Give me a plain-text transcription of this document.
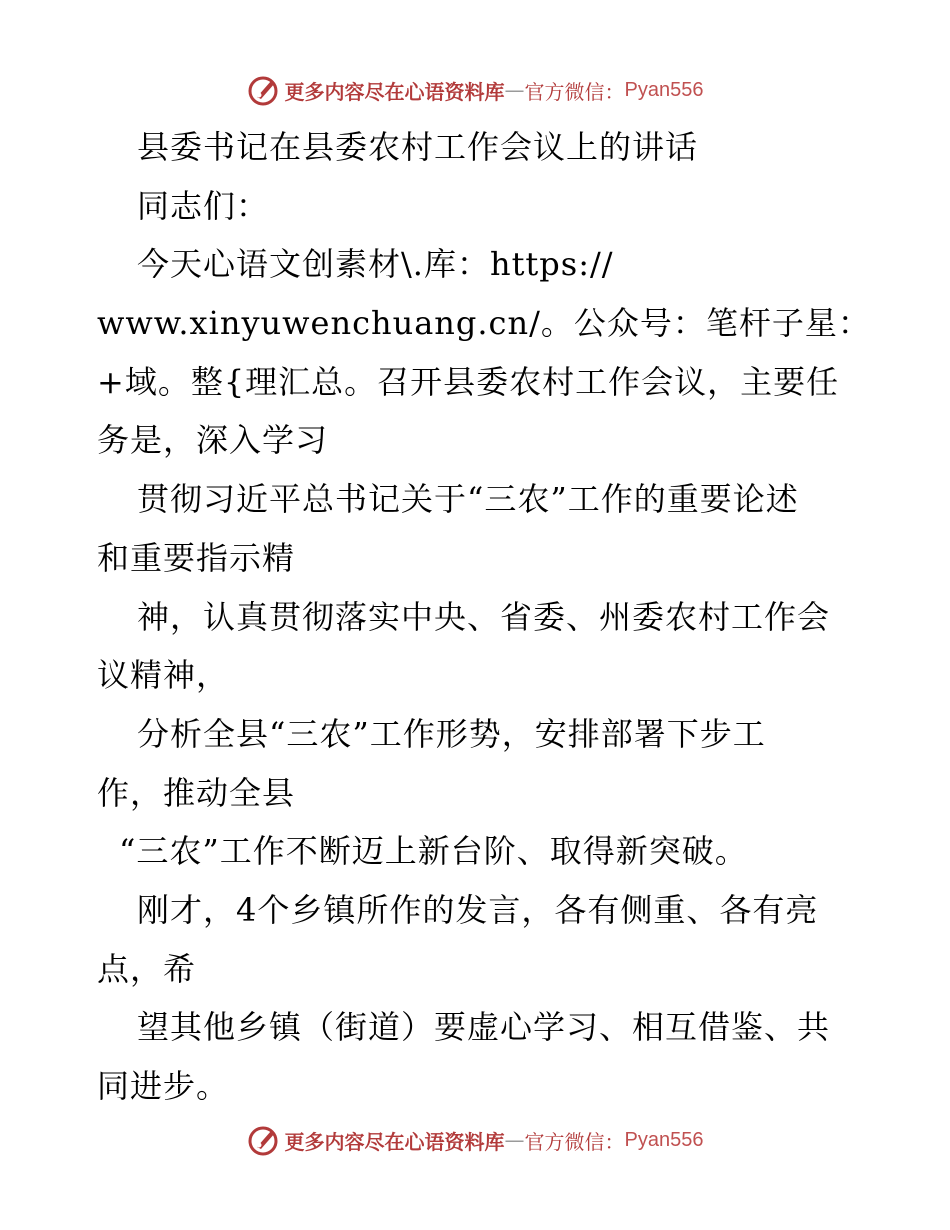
更多内容尽在心语资料库 — 官方微信： Pyan556
县委书记在县委农村工作会议上的讲话
同志们：
今天心语文创素材\.库：https://
www.xinyuwenchuang.cn/。公众号：笔杆子星：
+域。整{理汇总。召开县委农村工作会议，主要任
务是，深入学习
贯彻习近平总书记关于“三农”工作的重要论述
和重要指示精
神，认真贯彻落实中央、省委、州委农村工作会
议精神，
分析全县“三农”工作形势，安排部署下步工
作，推动全县
“三农”工作不断迈上新台阶、取得新突破。
刚才，4个乡镇所作的发言，各有侧重、各有亮
点，希
望其他乡镇（街道）要虚心学习、相互借鉴、共
同进步。
更多内容尽在心语资料库 — 官方微信： Pyan556
